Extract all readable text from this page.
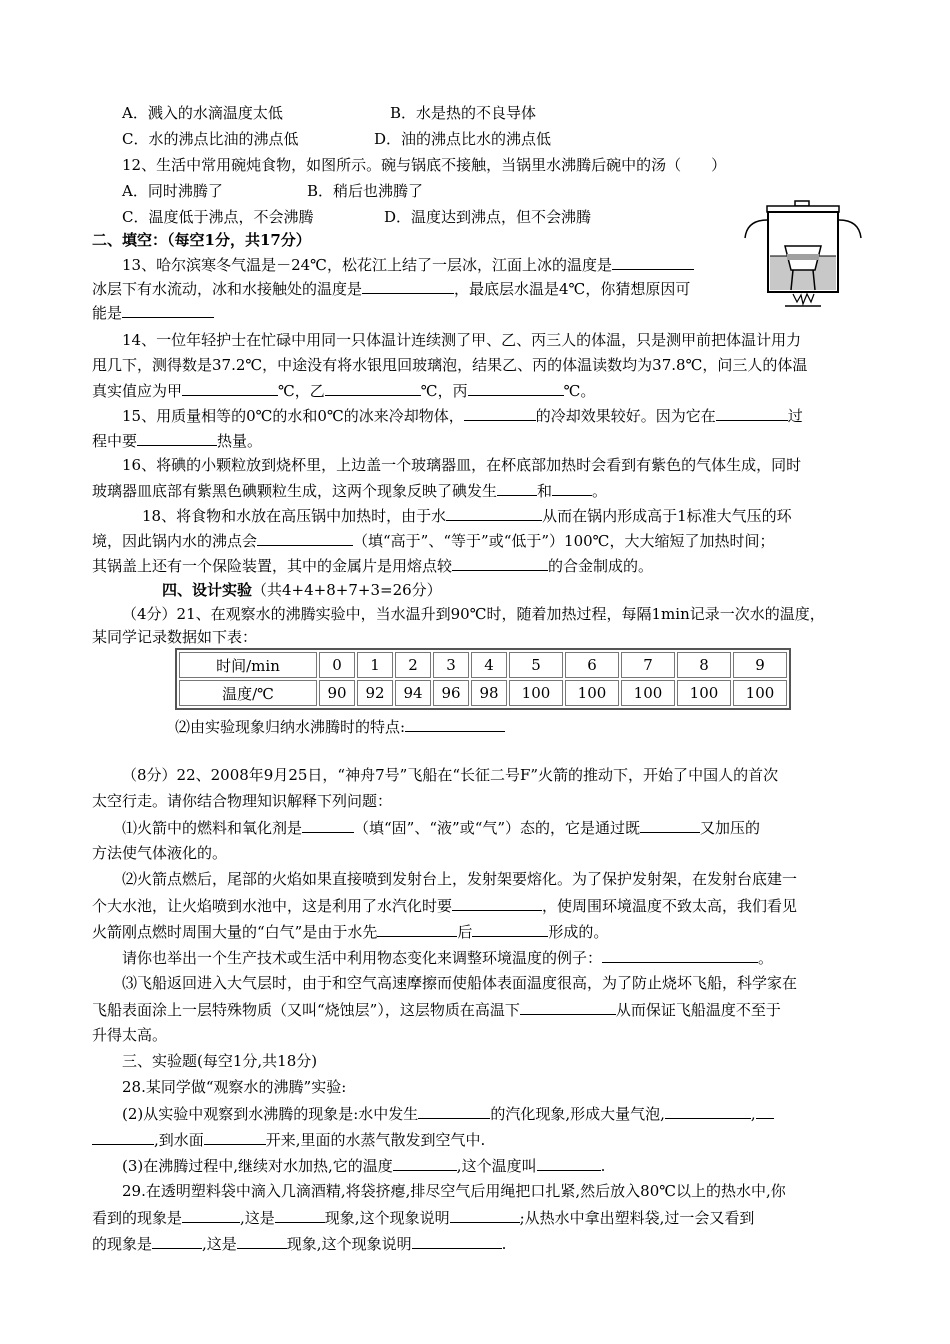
A．溅入的水滴温度太低	B．水是热的不良导体
C．水的沸点比油的沸点低	D．油的沸点比水的沸点低
12、生活中常用碗炖食物，如图所示。碗与锅底不接触，当锅里水沸腾后碗中的汤（　　）
A．同时沸腾了	B．稍后也沸腾了
C．温度低于沸点，不会沸腾	D．温度达到沸点，但不会沸腾
二、填空：（每空1分，共17分）
13、哈尔滨寒冬气温是－24℃，松花江上结了一层冰，江面上冰的温度是
冰层下有水流动，冰和水接触处的温度是	，最底层水温是4℃，你猜想原因可
能是
14、一位年轻护士在忙碌中用同一只体温计连续测了甲、乙、丙三人的体温，只是测甲前把体温计用力
甩几下，测得数是37.2℃，中途没有将水银甩回玻璃泡，结果乙、丙的体温读数均为37.8℃，问三人的体温
真实值应为甲	℃，乙	℃，丙	℃。
15、用质量相等的0℃的水和0℃的冰来冷却物体，	的冷却效果较好。因为它在	过
程中要	热量。
16、将碘的小颗粒放到烧杯里，上边盖一个玻璃器皿，在杯底部加热时会看到有紫色的气体生成，同时
玻璃器皿底部有紫黑色碘颗粒生成，这两个现象反映了碘发生	和	。
18、将食物和水放在高压锅中加热时，由于水	从而在锅内形成高于1标准大气压的环
境，因此锅内水的沸点会	（填“高于”、“等于”或“低于”）100℃，大大缩短了加热时间；
其锅盖上还有一个保险装置，其中的金属片是用熔点较	的合金制成的。
四、设计实验（共4+4+8+7+3=26分）
（4分）21、在观察水的沸腾实验中，当水温升到90℃时，随着加热过程，每隔1min记录一次水的温度，
某同学记录数据如下表：
时间/min	0	1	2	3	4	5	6	7	8	9
温度/℃	90	92	94	96	98	100	100	100	100	100
⑵由实验现象归纳水沸腾时的特点:
（8分）22、2008年9月25日，“神舟7号”飞船在“长征二号F”火箭的推动下，开始了中国人的首次
太空行走。请你结合物理知识解释下列问题：
⑴火箭中的燃料和氧化剂是	（填“固”、“液”或“气”）态的，它是通过既	又加压的
方法使气体液化的。
⑵火箭点燃后，尾部的火焰如果直接喷到发射台上，发射架要熔化。为了保护发射架，在发射台底建一
个大水池，让火焰喷到水池中，这是利用了水汽化时要	，使周围环境温度不致太高，我们看见
火箭刚点燃时周围大量的“白气”是由于水先	后	形成的。
请你也举出一个生产技术或生活中利用物态变化来调整环境温度的例子：	。
⑶飞船返回进入大气层时，由于和空气高速摩擦而使船体表面温度很高，为了防止烧坏飞船，科学家在
飞船表面涂上一层特殊物质（又叫“烧蚀层”），这层物质在高温下	从而保证飞船温度不至于
升得太高。
三、实验题(每空1分,共18分)
28.某同学做“观察水的沸腾”实验:
(2)从实验中观察到水沸腾的现象是:水中发生	的汽化现象,形成大量气泡,	,
,到水面	开来,里面的水蒸气散发到空气中.
(3)在沸腾过程中,继续对水加热,它的温度	,这个温度叫	.
29.在透明塑料袋中滴入几滴酒精,将袋挤瘪,排尽空气后用绳把口扎紧,然后放入80℃以上的热水中,你
看到的现象是	,这是	现象,这个现象说明	;从热水中拿出塑料袋,过一会又看到
的现象是	,这是	现象,这个现象说明	.
